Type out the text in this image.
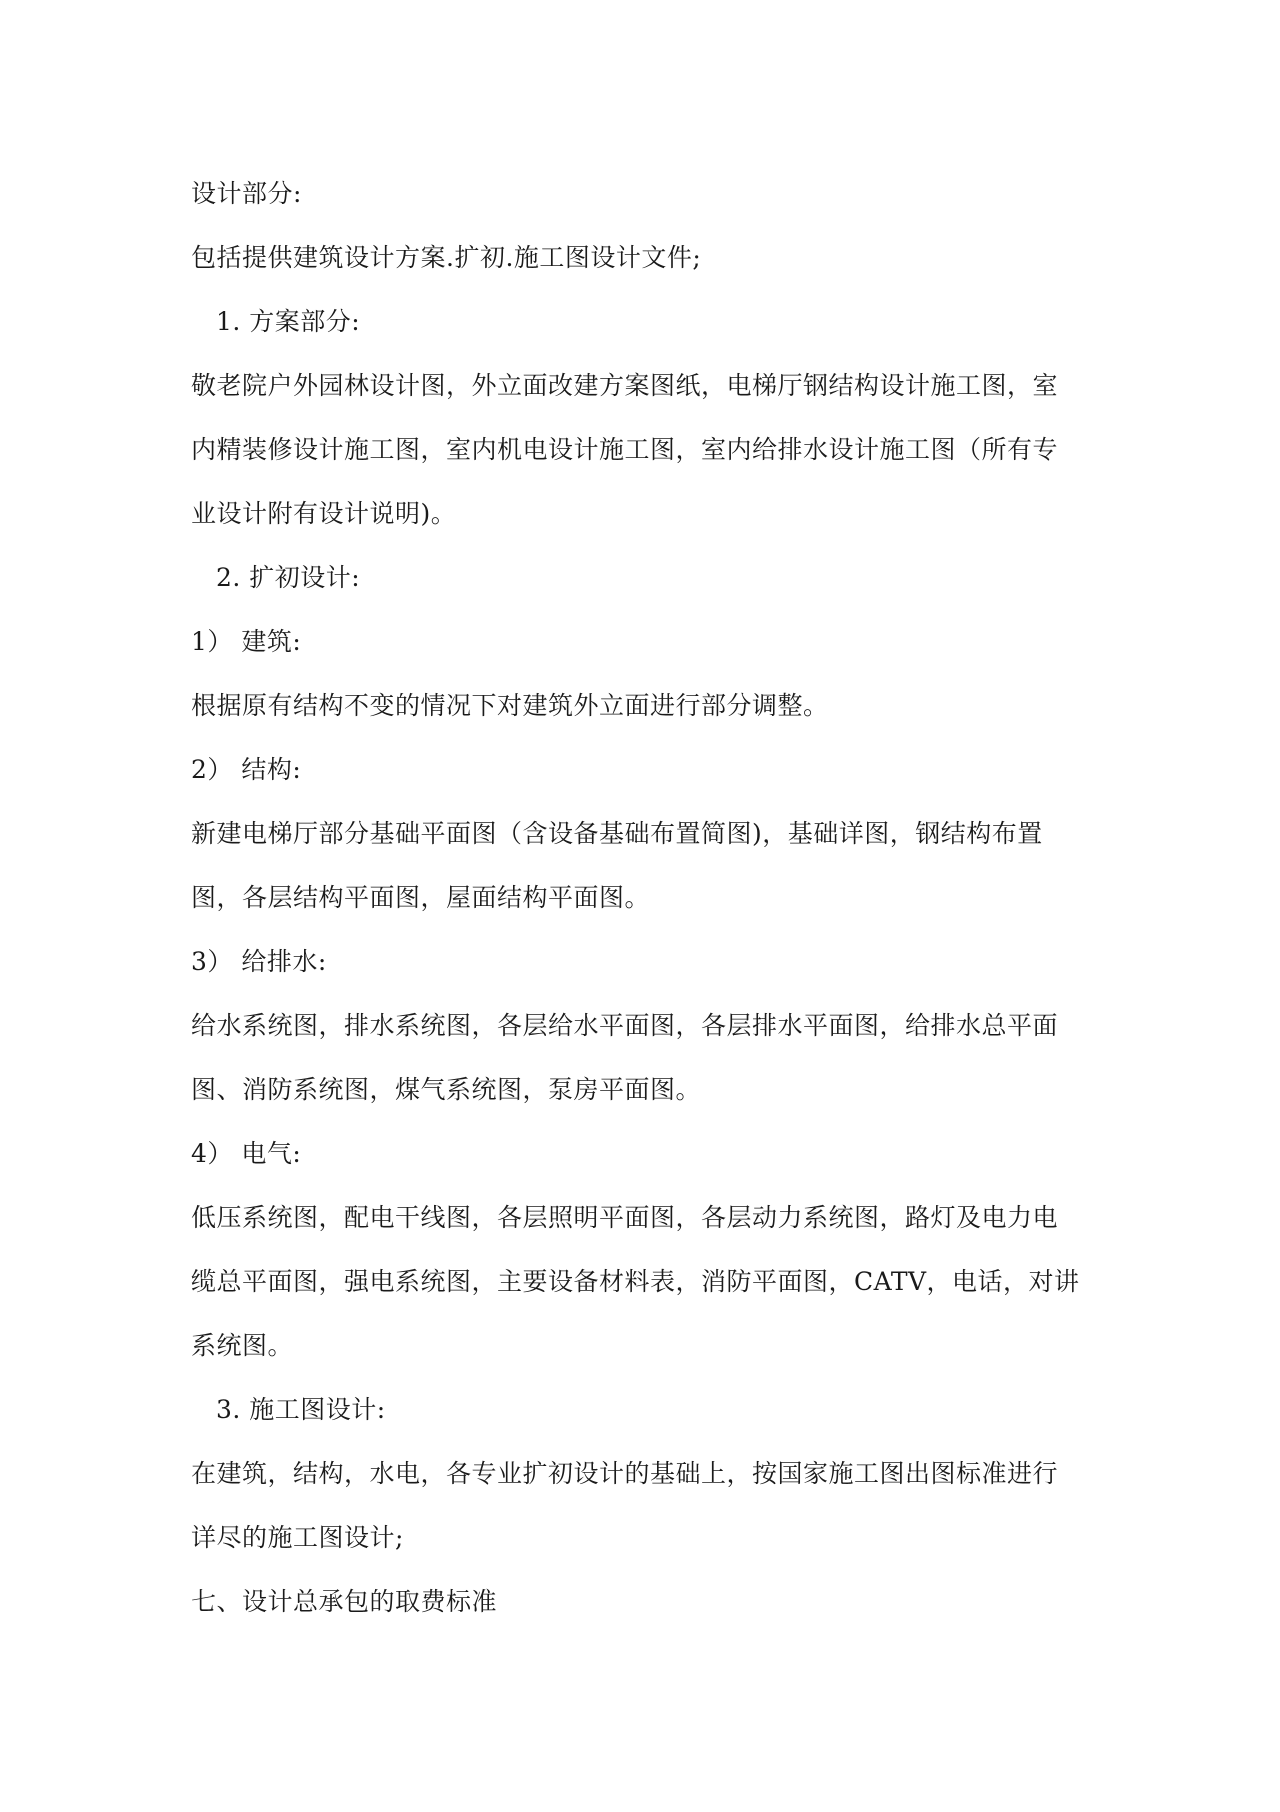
设计部分:
包括提供建筑设计方案.扩初.施工图设计文件;
1. 方案部分:
敬老院户外园林设计图，外立面改建方案图纸，电梯厅钢结构设计施工图，室
内精装修设计施工图，室内机电设计施工图，室内给排水设计施工图（所有专
业设计附有设计说明)。
2. 扩初设计:
1） 建筑:
根据原有结构不变的情况下对建筑外立面进行部分调整。
2） 结构:
新建电梯厅部分基础平面图（含设备基础布置简图)，基础详图，钢结构布置
图，各层结构平面图，屋面结构平面图。
3） 给排水:
给水系统图，排水系统图，各层给水平面图，各层排水平面图，给排水总平面
图、消防系统图，煤气系统图，泵房平面图。
4） 电气:
低压系统图，配电干线图，各层照明平面图，各层动力系统图，路灯及电力电
缆总平面图，强电系统图，主要设备材料表，消防平面图，CATV，电话，对讲
系统图。
3. 施工图设计:
在建筑，结构，水电，各专业扩初设计的基础上，按国家施工图出图标准进行
详尽的施工图设计;
七、设计总承包的取费标准
